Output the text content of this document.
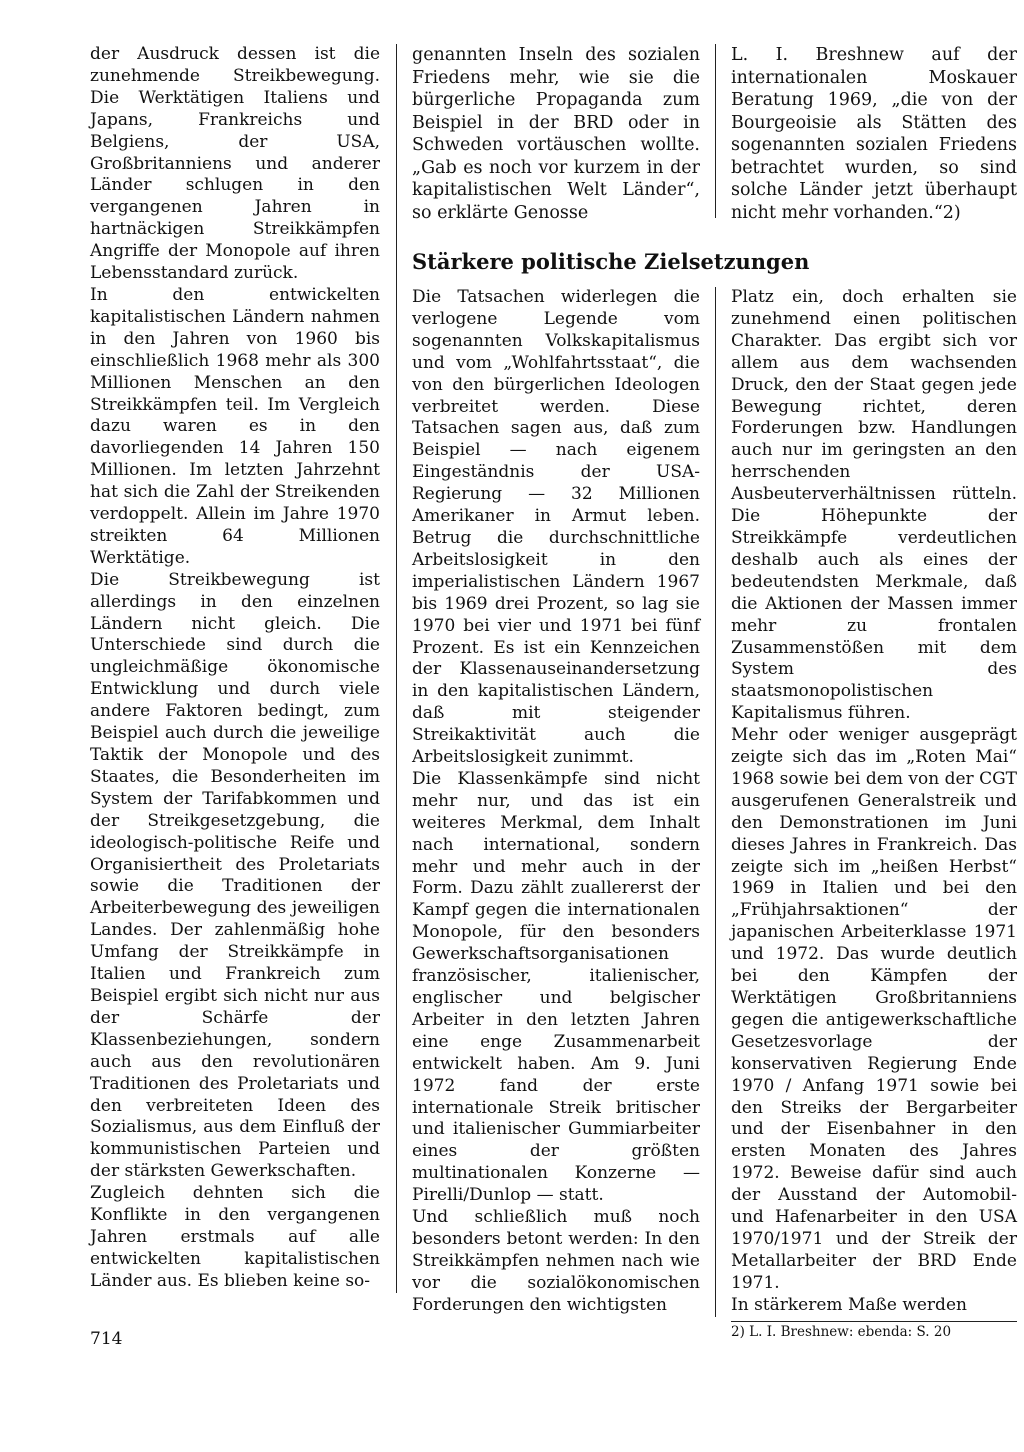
der Ausdruck dessen ist die zunehmende Streikbewegung. Die Werktätigen Italiens und Japans, Frankreichs und Belgiens, der USA, Großbritanniens und anderer Länder schlugen in den vergangenen Jahren in hartnäckigen Streikkämpfen Angriffe der Monopole auf ihren Lebensstandard zurück.

In den entwickelten kapitalistischen Ländern nahmen in den Jahren von 1960 bis einschließlich 1968 mehr als 300 Millionen Menschen an den Streikkämpfen teil. Im Vergleich dazu waren es in den davorliegenden 14 Jahren 150 Millionen. Im letzten Jahrzehnt hat sich die Zahl der Streikenden verdoppelt. Allein im Jahre 1970 streikten 64 Millionen Werktätige.

Die Streikbewegung ist allerdings in den einzelnen Ländern nicht gleich. Die Unterschiede sind durch die ungleichmäßige ökonomische Entwicklung und durch viele andere Faktoren bedingt, zum Beispiel auch durch die jeweilige Taktik der Monopole und des Staates, die Besonderheiten im System der Tarifabkommen und der Streikgesetzgebung, die ideologisch-politische Reife und Organisiertheit des Proletariats sowie die Traditionen der Arbeiterbewegung des jeweiligen Landes. Der zahlenmäßig hohe Umfang der Streikkämpfe in Italien und Frankreich zum Beispiel ergibt sich nicht nur aus der Schärfe der Klassenbeziehungen, sondern auch aus den revolutionären Traditionen des Proletariats und den verbreiteten Ideen des Sozialismus, aus dem Einfluß der kommunistischen Parteien und der stärksten Gewerkschaften.

Zugleich dehnten sich die Konflikte in den vergangenen Jahren erstmals auf alle entwickelten kapitalistischen Länder aus. Es blieben keine so-

genannten Inseln des sozialen Friedens mehr, wie sie die bürgerliche Propaganda zum Beispiel in der BRD oder in Schweden vortäuschen wollte. „Gab es noch vor kurzem in der kapitalistischen Welt Länder“, so erklärte Genosse

L. I. Breshnew auf der internationalen Moskauer Beratung 1969, „die von der Bourgeoisie als Stätten des sogenannten sozialen Friedens betrachtet wurden, so sind solche Länder jetzt überhaupt nicht mehr vorhanden.“2)

Stärkere politische Zielsetzungen

Die Tatsachen widerlegen die verlogene Legende vom sogenannten Volkskapitalismus und vom „Wohlfahrtsstaat“, die von den bürgerlichen Ideologen verbreitet werden. Diese Tatsachen sagen aus, daß zum Beispiel — nach eigenem Eingeständnis der USA-Regierung — 32 Millionen Amerikaner in Armut leben. Betrug die durchschnittliche Arbeitslosigkeit in den imperialistischen Ländern 1967 bis 1969 drei Prozent, so lag sie 1970 bei vier und 1971 bei fünf Prozent. Es ist ein Kennzeichen der Klassenauseinandersetzung in den kapitalistischen Ländern, daß mit steigender Streikaktivität auch die Arbeitslosigkeit zunimmt.

Die Klassenkämpfe sind nicht mehr nur, und das ist ein weiteres Merkmal, dem Inhalt nach international, sondern mehr und mehr auch in der Form. Dazu zählt zuallererst der Kampf gegen die internationalen Monopole, für den besonders Gewerkschaftsorganisationen französischer, italienischer, englischer und belgischer Arbeiter in den letzten Jahren eine enge Zusammenarbeit entwickelt haben. Am 9. Juni 1972 fand der erste internationale Streik britischer und italienischer Gummiarbeiter eines der größten multinationalen Konzerne — Pirelli/Dunlop — statt.

Und schließlich muß noch besonders betont werden: In den Streikkämpfen nehmen nach wie vor die sozialökonomischen Forderungen den wichtigsten

Platz ein, doch erhalten sie zunehmend einen politischen Charakter. Das ergibt sich vor allem aus dem wachsenden Druck, den der Staat gegen jede Bewegung richtet, deren Forderungen bzw. Handlungen auch nur im geringsten an den herrschenden Ausbeuterverhältnissen rütteln. Die Höhepunkte der Streikkämpfe verdeutlichen deshalb auch als eines der bedeutendsten Merkmale, daß die Aktionen der Massen immer mehr zu frontalen Zusammenstößen mit dem System des staatsmonopolistischen Kapitalismus führen.

Mehr oder weniger ausgeprägt zeigte sich das im „Roten Mai“ 1968 sowie bei dem von der CGT ausgerufenen Generalstreik und den Demonstrationen im Juni dieses Jahres in Frankreich. Das zeigte sich im „heißen Herbst“ 1969 in Italien und bei den „Frühjahrsaktionen“ der japanischen Arbeiterklasse 1971 und 1972. Das wurde deutlich bei den Kämpfen der Werktätigen Großbritanniens gegen die antigewerkschaftliche Gesetzesvorlage der konservativen Regierung Ende 1970 / Anfang 1971 sowie bei den Streiks der Bergarbeiter und der Eisenbahner in den ersten Monaten des Jahres 1972. Beweise dafür sind auch der Ausstand der Automobil- und Hafenarbeiter in den USA 1970/1971 und der Streik der Metallarbeiter der BRD Ende 1971.

In stärkerem Maße werden

2) L. I. Breshnew: ebenda: S. 20

714
